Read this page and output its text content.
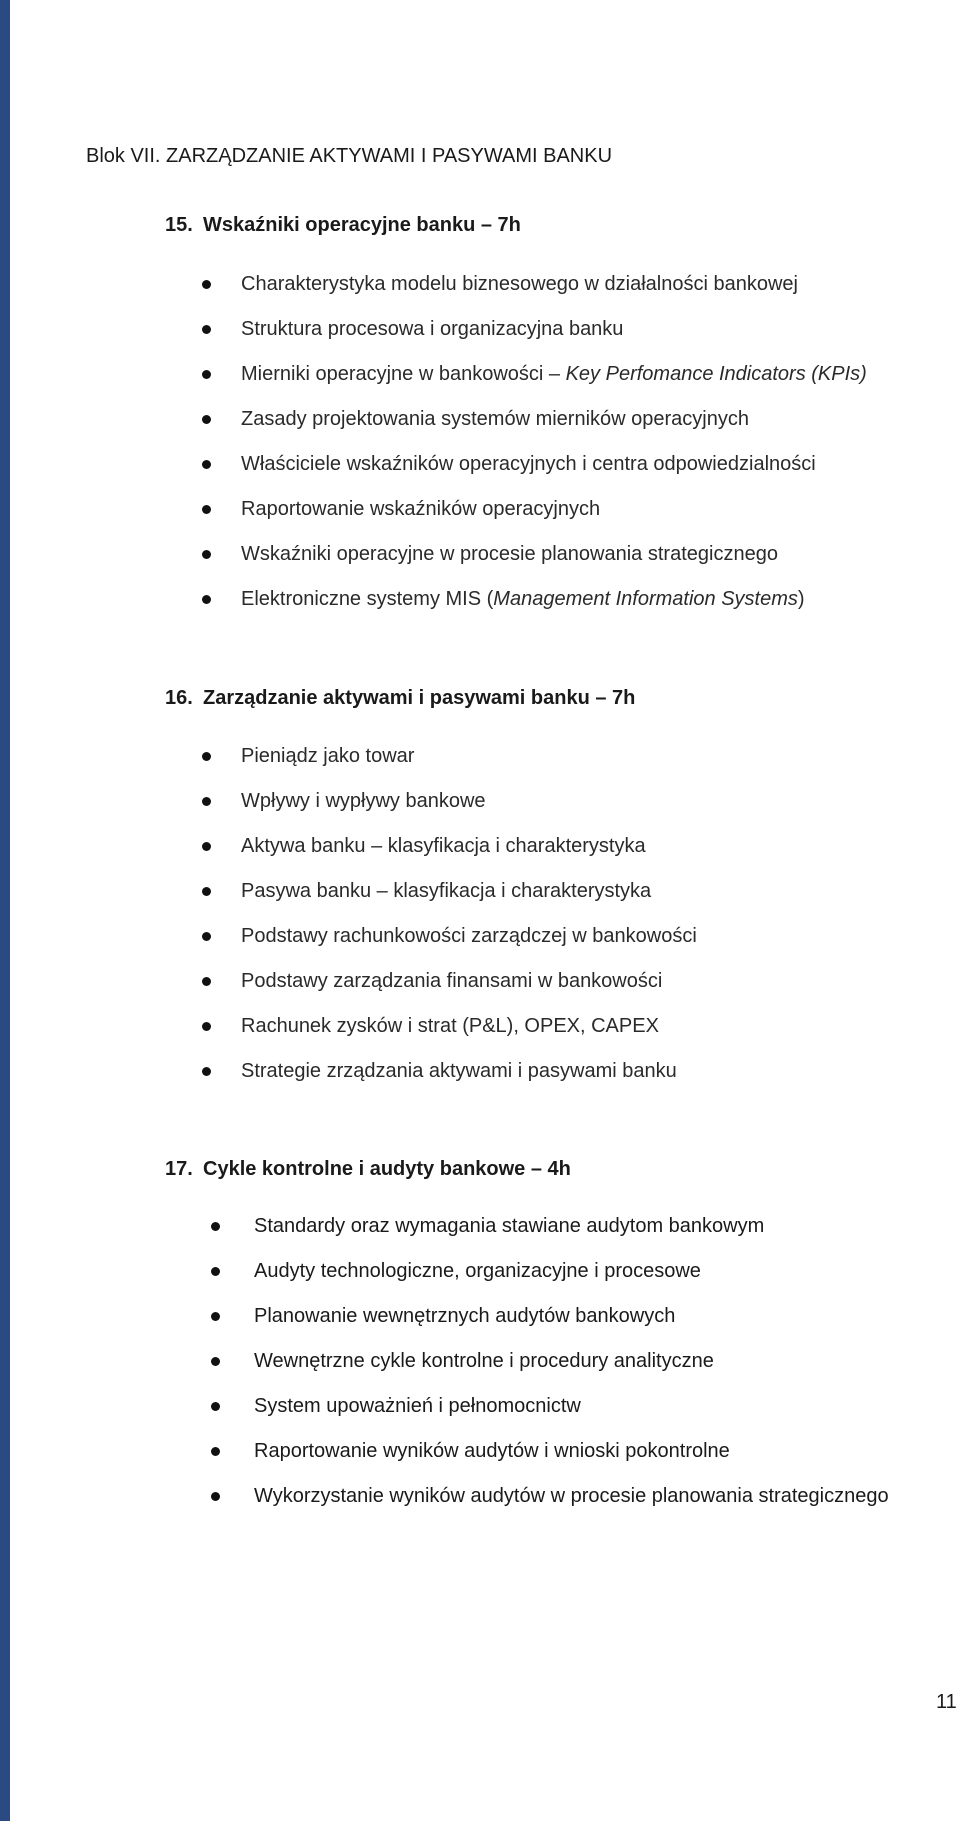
Blok VII. ZARZĄDZANIE AKTYWAMI I PASYWAMI BANKU
15. Wskaźniki operacyjne banku – 7h
Charakterystyka modelu biznesowego w działalności bankowej
Struktura procesowa i organizacyjna banku
Mierniki operacyjne w bankowości – Key Perfomance Indicators (KPIs)
Zasady projektowania systemów mierników operacyjnych
Właściciele wskaźników operacyjnych i centra odpowiedzialności
Raportowanie wskaźników operacyjnych
Wskaźniki operacyjne w procesie planowania strategicznego
Elektroniczne systemy MIS (Management Information Systems)
16. Zarządzanie aktywami i pasywami banku – 7h
Pieniądz jako towar
Wpływy i wypływy bankowe
Aktywa banku – klasyfikacja i charakterystyka
Pasywa banku – klasyfikacja i charakterystyka
Podstawy rachunkowości zarządczej w bankowości
Podstawy zarządzania finansami w bankowości
Rachunek zysków i strat (P&L), OPEX, CAPEX
Strategie zrządzania aktywami i pasywami banku
17. Cykle kontrolne i audyty bankowe – 4h
Standardy oraz wymagania stawiane audytom bankowym
Audyty technologiczne, organizacyjne i procesowe
Planowanie wewnętrznych audytów bankowych
Wewnętrzne cykle kontrolne i procedury analityczne
System upoważnień i pełnomocnictw
Raportowanie wyników audytów i wnioski pokontrolne
Wykorzystanie wyników audytów w procesie planowania strategicznego
11
